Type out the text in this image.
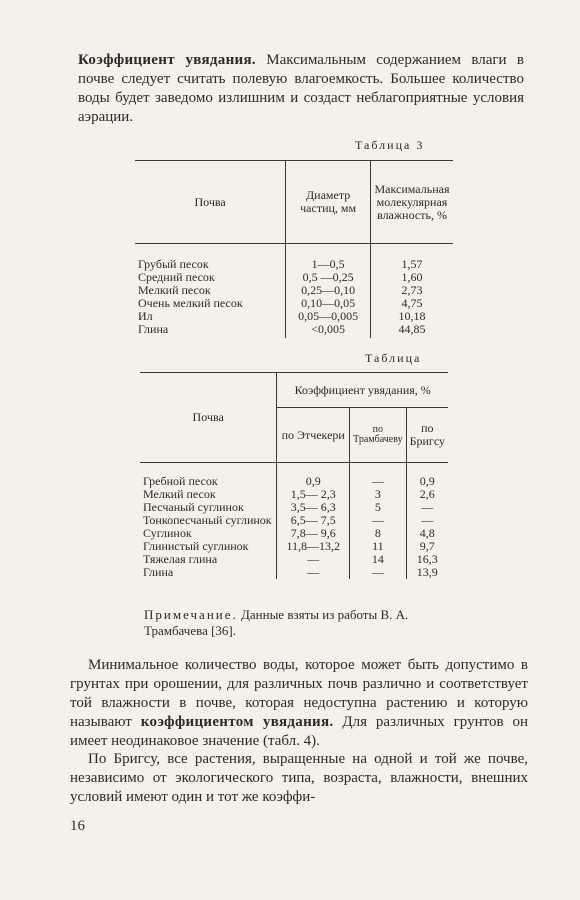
Коэффициент увядания. Максимальным содержанием влаги в почве следует считать полевую влагоемкость. Большее количество воды будет заведомо излишним и создаст неблагоприятные условия аэрации.

Таблица 3
Почва	Диаметр частиц, мм	Максимальная молекулярная влажность, %
Грубый песок	1—0,5	1,57
Средний песок	0,5 —0,25	1,60
Мелкий песок	0,25—0,10	2,73
Очень мелкий песок	0,10—0,05	4,75
Ил	0,05—0,005	10,18
Глина	<0,005	44,85
Таблица
Почва	Коэффициент увядания, %		
	по Этчекери	по Трамбачеву	по Бригсу
Гребной песок	0,9	—	0,9
Мелкий песок	1,5— 2,3	3	2,6
Песчаный суглинок	3,5— 6,3	5	—
Тонкопесчаный суглинок	6,5— 7,5	—	—
Суглинок	7,8— 9,6	8	4,8
Глинистый суглинок	11,8—13,2	11	9,7
Тяжелая глина	—	14	16,3
Глина	—	—	13,9
Примечание. Данные взяты из работы В. А. Трамбачева [36].

Минимальное количество воды, которое может быть допустимо в грунтах при орошении, для различных почв различно и соответствует той влажности в почве, которая недоступна растению и которую называют коэффициентом увядания. Для различных грунтов он имеет неодинаковое значение (табл. 4).

По Бригсу, все растения, выращенные на одной и той же почве, независимо от экологического типа, возраста, влажности, внешних условий имеют один и тот же коэффи-

16
